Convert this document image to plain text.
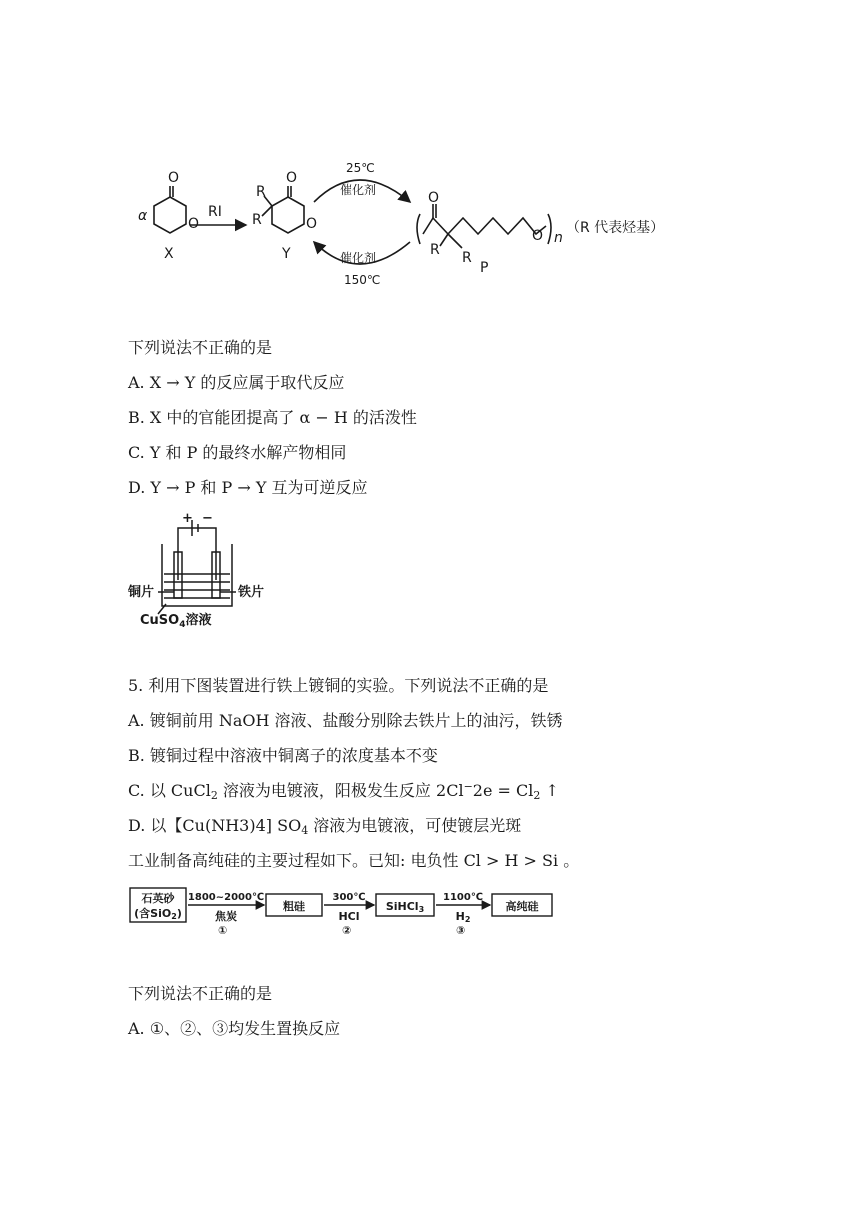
O
O
α
X
RI
O
O
R
R
Y
25℃
催化剂
催化剂
150℃
O
R R
O n
P
（R 代表烃基）
下列说法不正确的是
A. X → Y 的反应属于取代反应
B. X 中的官能团提高了 α − H 的活泼性
C. Y 和 P 的最终水解产物相同
D. Y → P 和 P → Y 互为可逆反应
+ −
铜片	铁片
CuSO$_4$溶液
5. 利用下图装置进行铁上镀铜的实验。下列说法不正确的是
A. 镀铜前用 NaOH 溶液、盐酸分别除去铁片上的油污，铁锈
B. 镀铜过程中溶液中铜离子的浓度基本不变
C. 以 CuCl$_2$ 溶液为电镀液，阳极发生反应 $2Cl^-2e = Cl_2$ ↑
D. 以【Cu(NH3)4] $SO_4$ 溶液为电镀液，可使镀层光斑
工业制备高纯硅的主要过程如下。已知: 电负性 Cl > H > Si 。
石英砂
(含SiO2)
1800~2000℃
焦炭
①
粗硅
300℃
HCl
②
SiHCl3
1100℃
H2
③
高纯硅
下列说法不正确的是
A. ①、②、③均发生置换反应
